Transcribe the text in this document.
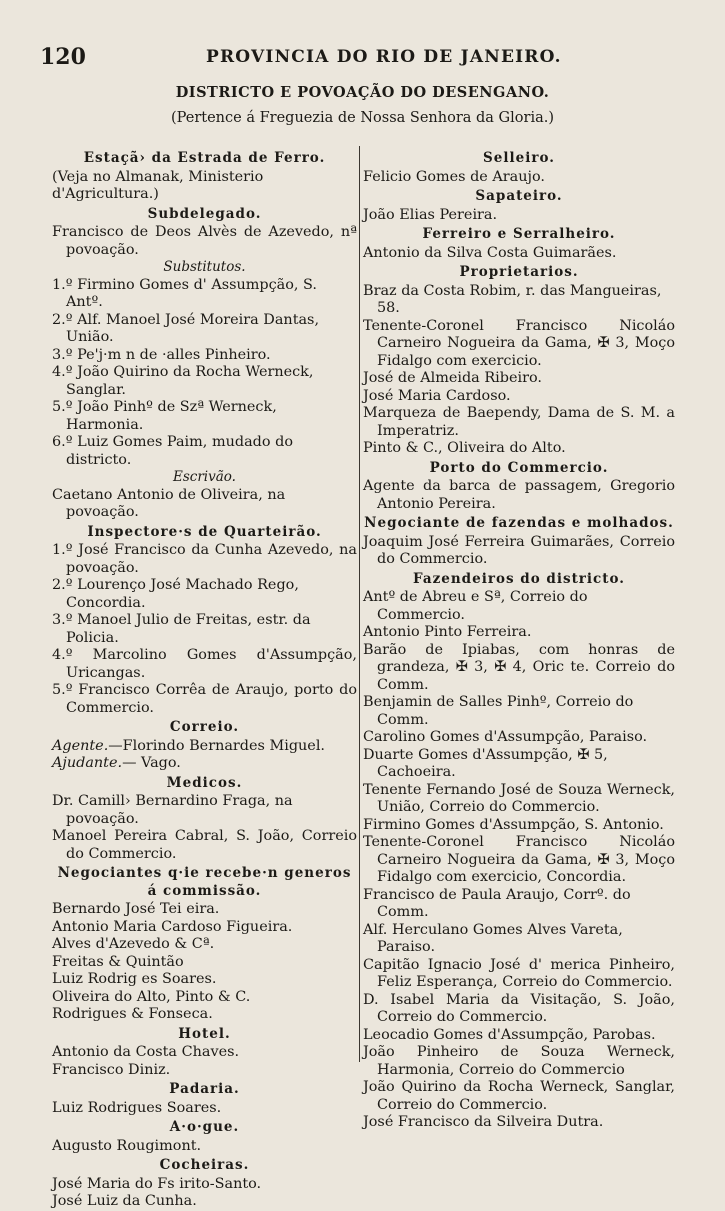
120	PROVINCIA DO RIO DE JANEIRO.
DISTRICTO E POVOAÇÃO DO DESENGANO.
(Pertence á Freguezia de Nossa Senhora da Gloria.)
Estaçã› da Estrada de Ferro.
(Veja no Almanak, Ministerio d'Agricultura.)
Subdelegado.
Francisco de Deos Alvès de Azevedo, nª povoação.
Substitutos.
1.º Firmino Gomes d' Assumpção, S. Antº.
2.º Alf. Manoel José Moreira Dantas, União.
3.º Pe'j·m n de ·alles Pinheiro.
4.º João Quirino da Rocha Werneck, Sanglar.
5.º João Pinhº de Szª Werneck, Harmonia.
6.º Luiz Gomes Paim, mudado do districto.
Escrivão.
Caetano Antonio de Oliveira, na povoação.
Inspectore·s de Quarteirão.
1.º José Francisco da Cunha Azevedo, na povoação.
2.º Lourenço José Machado Rego, Concordia.
3.º Manoel Julio de Freitas, estr. da Policia.
4.º Marcolino Gomes d'Assumpção, Uricangas.
5.º Francisco Corrêa de Araujo, porto do Commercio.
Correio.
Agente.—Florindo Bernardes Miguel.
Ajudante.— Vago.
Medicos.
Dr. Camill› Bernardino Fraga, na povoação.
Manoel Pereira Cabral, S. João, Correio do Commercio.
Negociantes q·ie recebe·n generos á commissão.
Bernardo José Tei eira.
Antonio Maria Cardoso Figueira.
Alves d'Azevedo & Cª.
Freitas & Quintão
Luiz Rodrig es Soares.
Oliveira do Alto, Pinto & C.
Rodrigues & Fonseca.
Hotel.
Antonio da Costa Chaves.
Francisco Diniz.
Padaria.
Luiz Rodrigues Soares.
A·o·gue.
Augusto Rougimont.
Cocheiras.
José Maria do Fs irito-Santo.
José Luiz da Cunha.
Selleiro.
Felicio Gomes de Araujo.
Sapateiro.
João Elias Pereira.
Ferreiro e Serralheiro.
Antonio da Silva Costa Guimarães.
Proprietarios.
Braz da Costa Robim, r. das Mangueiras, 58.
Tenente-Coronel Francisco Nicoláo Carneiro Nogueira da Gama, ✠ 3, Moço Fidalgo com exercicio.
José de Almeida Ribeiro.
José Maria Cardoso.
Marqueza de Baependy, Dama de S. M. a Imperatriz.
Pinto & C., Oliveira do Alto.
Porto do Commercio.
Agente da barca de passagem, Gregorio Antonio Pereira.
Negociante de fazendas e molhados.
Joaquim José Ferreira Guimarães, Correio do Commercio.
Fazendeiros do districto.
Antº de Abreu e Sª, Correio do Commercio.
Antonio Pinto Ferreira.
Barão de Ipiabas, com honras de grandeza, ✠ 3, ✠ 4, Oric te. Correio do Comm.
Benjamin de Salles Pinhº, Correio do Comm.
Carolino Gomes d'Assumpção, Paraiso.
Duarte Gomes d'Assumpção, ✠ 5, Cachoeira.
Tenente Fernando José de Souza Werneck, União, Correio do Commercio.
Firmino Gomes d'Assumpção, S. Antonio.
Tenente-Coronel Francisco Nicoláo Carneiro Nogueira da Gama, ✠ 3, Moço Fidalgo com exercicio, Concordia.
Francisco de Paula Araujo, Corrº. do Comm.
Alf. Herculano Gomes Alves Vareta, Paraiso.
Capitão Ignacio José d' merica Pinheiro, Feliz Esperança, Correio do Commercio.
D. Isabel Maria da Visitação, S. João, Correio do Commercio.
Leocadio Gomes d'Assumpção, Parobas.
João Pinheiro de Souza Werneck, Harmonia, Correio do Commercio
João Quirino da Rocha Werneck, Sanglar, Correio do Commercio.
José Francisco da Silveira Dutra.
